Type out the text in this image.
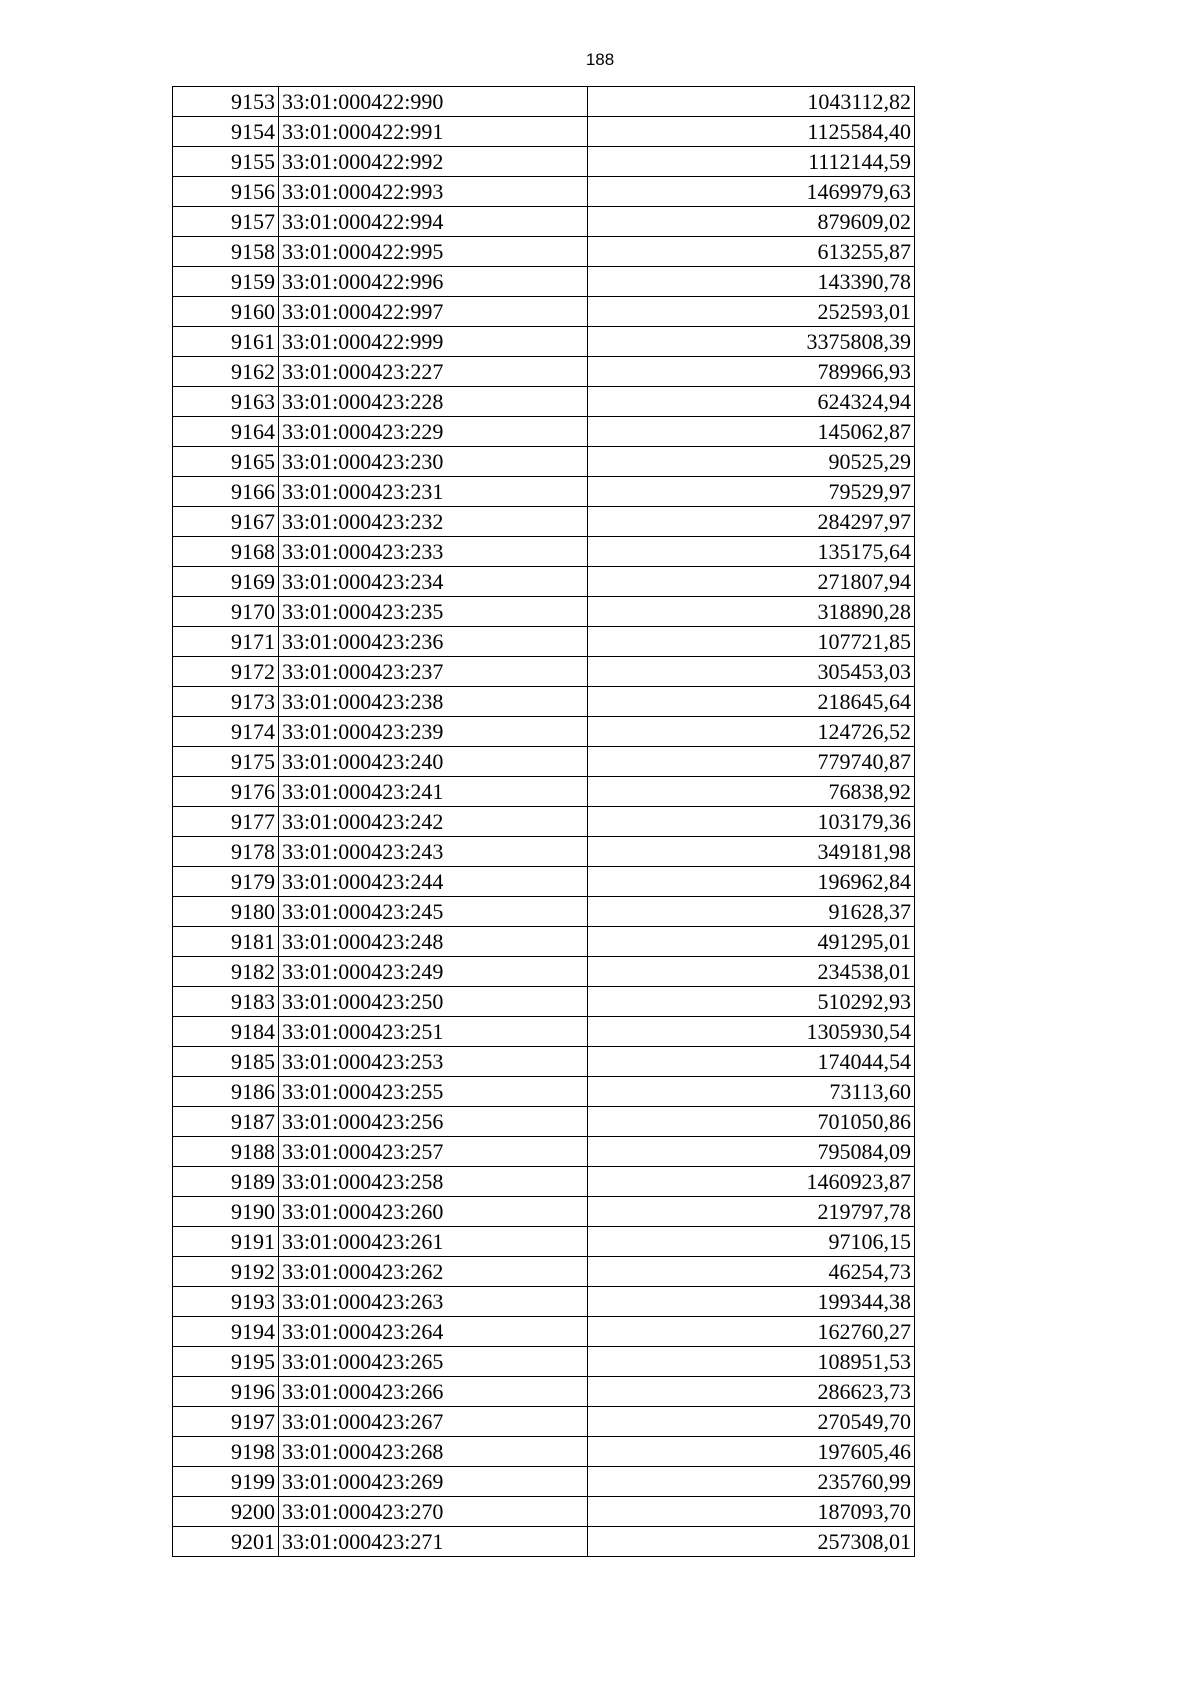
188
9153	33:01:000422:990	1043112,82
9154	33:01:000422:991	1125584,40
9155	33:01:000422:992	1112144,59
9156	33:01:000422:993	1469979,63
9157	33:01:000422:994	879609,02
9158	33:01:000422:995	613255,87
9159	33:01:000422:996	143390,78
9160	33:01:000422:997	252593,01
9161	33:01:000422:999	3375808,39
9162	33:01:000423:227	789966,93
9163	33:01:000423:228	624324,94
9164	33:01:000423:229	145062,87
9165	33:01:000423:230	90525,29
9166	33:01:000423:231	79529,97
9167	33:01:000423:232	284297,97
9168	33:01:000423:233	135175,64
9169	33:01:000423:234	271807,94
9170	33:01:000423:235	318890,28
9171	33:01:000423:236	107721,85
9172	33:01:000423:237	305453,03
9173	33:01:000423:238	218645,64
9174	33:01:000423:239	124726,52
9175	33:01:000423:240	779740,87
9176	33:01:000423:241	76838,92
9177	33:01:000423:242	103179,36
9178	33:01:000423:243	349181,98
9179	33:01:000423:244	196962,84
9180	33:01:000423:245	91628,37
9181	33:01:000423:248	491295,01
9182	33:01:000423:249	234538,01
9183	33:01:000423:250	510292,93
9184	33:01:000423:251	1305930,54
9185	33:01:000423:253	174044,54
9186	33:01:000423:255	73113,60
9187	33:01:000423:256	701050,86
9188	33:01:000423:257	795084,09
9189	33:01:000423:258	1460923,87
9190	33:01:000423:260	219797,78
9191	33:01:000423:261	97106,15
9192	33:01:000423:262	46254,73
9193	33:01:000423:263	199344,38
9194	33:01:000423:264	162760,27
9195	33:01:000423:265	108951,53
9196	33:01:000423:266	286623,73
9197	33:01:000423:267	270549,70
9198	33:01:000423:268	197605,46
9199	33:01:000423:269	235760,99
9200	33:01:000423:270	187093,70
9201	33:01:000423:271	257308,01
